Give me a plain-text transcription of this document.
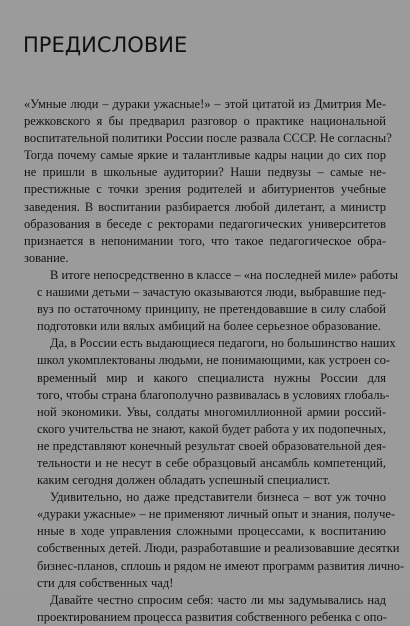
ПРЕДИСЛОВИЕ

«Умные люди – дураки ужасные!» – этой цитатой из Дмитрия Ме-
режковского я бы предварил разговор о практике национальной
воспитательной политики России после развала СССР. Не согласны?
Тогда почему самые яркие и талантливые кадры нации до сих пор
не пришли в школьные аудитории? Наши педвузы – самые не-
престижные с точки зрения родителей и абитуриентов учебные
заведения. В воспитании разбирается любой дилетант, а министр
образования в беседе с ректорами педагогических университетов
признается в непонимании того, что такое педагогическое обра-
зование.

В итоге непосредственно в классе – «на последней миле» работы
с нашими детьми – зачастую оказываются люди, выбравшие пед-
вуз по остаточному принципу, не претендовавшие в силу слабой
подготовки или вялых амбиций на более серьезное образование.

Да, в России есть выдающиеся педагоги, но большинство наших
школ укомплектованы людьми, не понимающими, как устроен со-
временный мир и какого специалиста нужны России для
того, чтобы страна благополучно развивалась в условиях глобаль-
ной экономики. Увы, солдаты многомиллионной армии россий-
ского учительства не знают, какой будет работа у их подопечных,
не представляют конечный результат своей образовательной дея-
тельности и не несут в себе образцовый ансамбль компетенций,
каким сегодня должен обладать успешный специалист.

Удивительно, но даже представители бизнеса – вот уж точно
«дураки ужасные» – не применяют личный опыт и знания, получе-
нные в ходе управления сложными процессами, к воспитанию
собственных детей. Люди, разработавшие и реализовавшие десятки
бизнес-планов, сплошь и рядом не имеют программ развития лично-
сти для собственных чад!

Давайте честно спросим себя: часто ли мы задумывались над
проектированием процесса развития собственного ребенка с опо-
